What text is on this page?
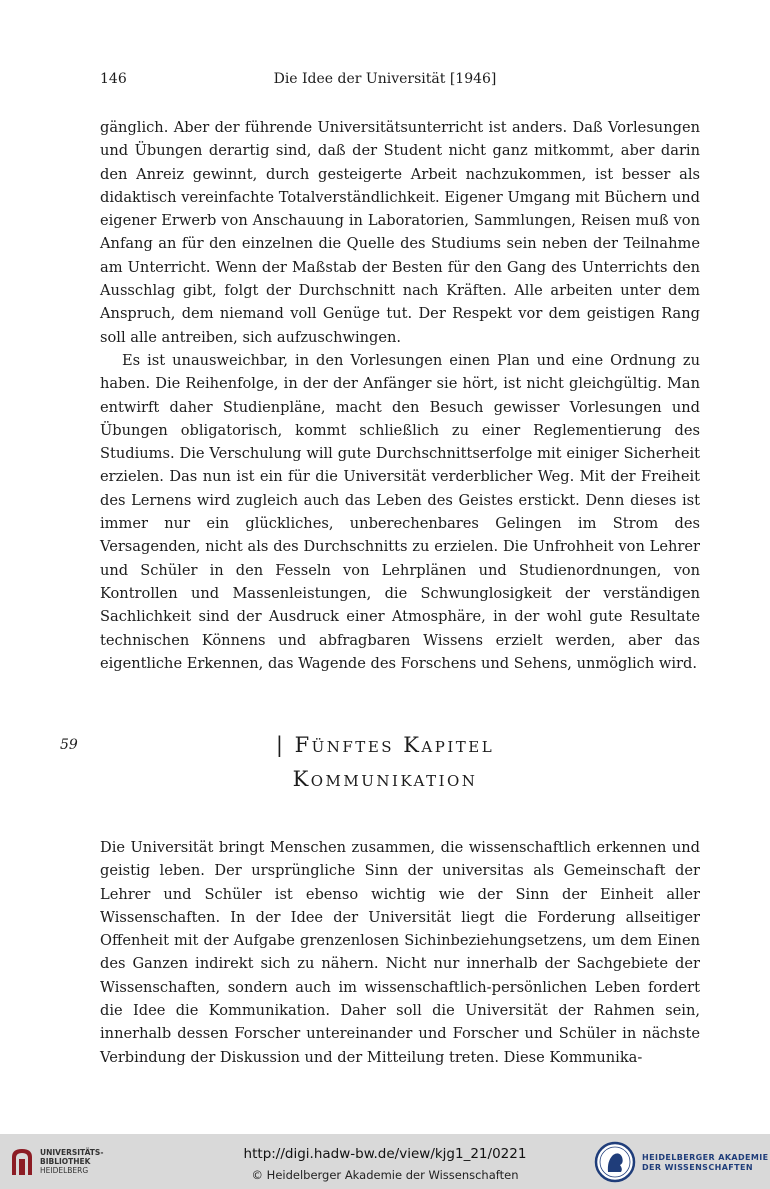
146	Die Idee der Universität [1946]

gänglich. Aber der führende Universitätsunterricht ist anders. Daß Vorlesungen und Übungen derartig sind, daß der Student nicht ganz mitkommt, aber darin den Anreiz gewinnt, durch gesteigerte Arbeit nachzukommen, ist besser als didaktisch vereinfachte Totalverständlichkeit. Eigener Umgang mit Büchern und eigener Erwerb von Anschauung in Laboratorien, Sammlungen, Reisen muß von Anfang an für den einzelnen die Quelle des Studiums sein neben der Teilnahme am Unterricht. Wenn der Maßstab der Besten für den Gang des Unterrichts den Ausschlag gibt, folgt der Durchschnitt nach Kräften. Alle arbeiten unter dem Anspruch, dem niemand voll Genüge tut. Der Respekt vor dem geistigen Rang soll alle antreiben, sich aufzuschwingen.

Es ist unausweichbar, in den Vorlesungen einen Plan und eine Ordnung zu haben. Die Reihenfolge, in der der Anfänger sie hört, ist nicht gleichgültig. Man entwirft daher Studienpläne, macht den Besuch gewisser Vorlesungen und Übungen obligatorisch, kommt schließlich zu einer Reglementierung des Studiums. Die Verschulung will gute Durchschnittserfolge mit einiger Sicherheit erzielen. Das nun ist ein für die Universität verderblicher Weg. Mit der Freiheit des Lernens wird zugleich auch das Leben des Geistes erstickt. Denn dieses ist immer nur ein glückliches, unberechenbares Gelingen im Strom des Versagenden, nicht als des Durchschnitts zu erzielen. Die Unfrohheit von Lehrer und Schüler in den Fesseln von Lehrplänen und Studienordnungen, von Kontrollen und Massenleistungen, die Schwunglosigkeit der verständigen Sachlichkeit sind der Ausdruck einer Atmosphäre, in der wohl gute Resultate technischen Könnens und abfragbaren Wissens erzielt werden, aber das eigentliche Erkennen, das Wagende des Forschens und Sehens, unmöglich wird.

59	| Fünftes Kapitel
Kommunikation

Die Universität bringt Menschen zusammen, die wissenschaftlich erkennen und geistig leben. Der ursprüngliche Sinn der universitas als Gemeinschaft der Lehrer und Schüler ist ebenso wichtig wie der Sinn der Einheit aller Wissenschaften. In der Idee der Universität liegt die Forderung allseitiger Offenheit mit der Aufgabe grenzenlosen Sichinbeziehungsetzens, um dem Einen des Ganzen indirekt sich zu nähern. Nicht nur innerhalb der Sachgebiete der Wissenschaften, sondern auch im wissenschaftlich-persönlichen Leben fordert die Idee die Kommunikation. Daher soll die Universität der Rahmen sein, innerhalb dessen Forscher untereinander und Forscher und Schüler in nächste Verbindung der Diskussion und der Mitteilung treten. Diese Kommunika-

UNIVERSITÄTS-
BIBLIOTHEK
HEIDELBERG
http://digi.hadw-bw.de/view/kjg1_21/0221
© Heidelberger Akademie der Wissenschaften
HEIDELBERGER AKADEMIE
DER WISSENSCHAFTEN
